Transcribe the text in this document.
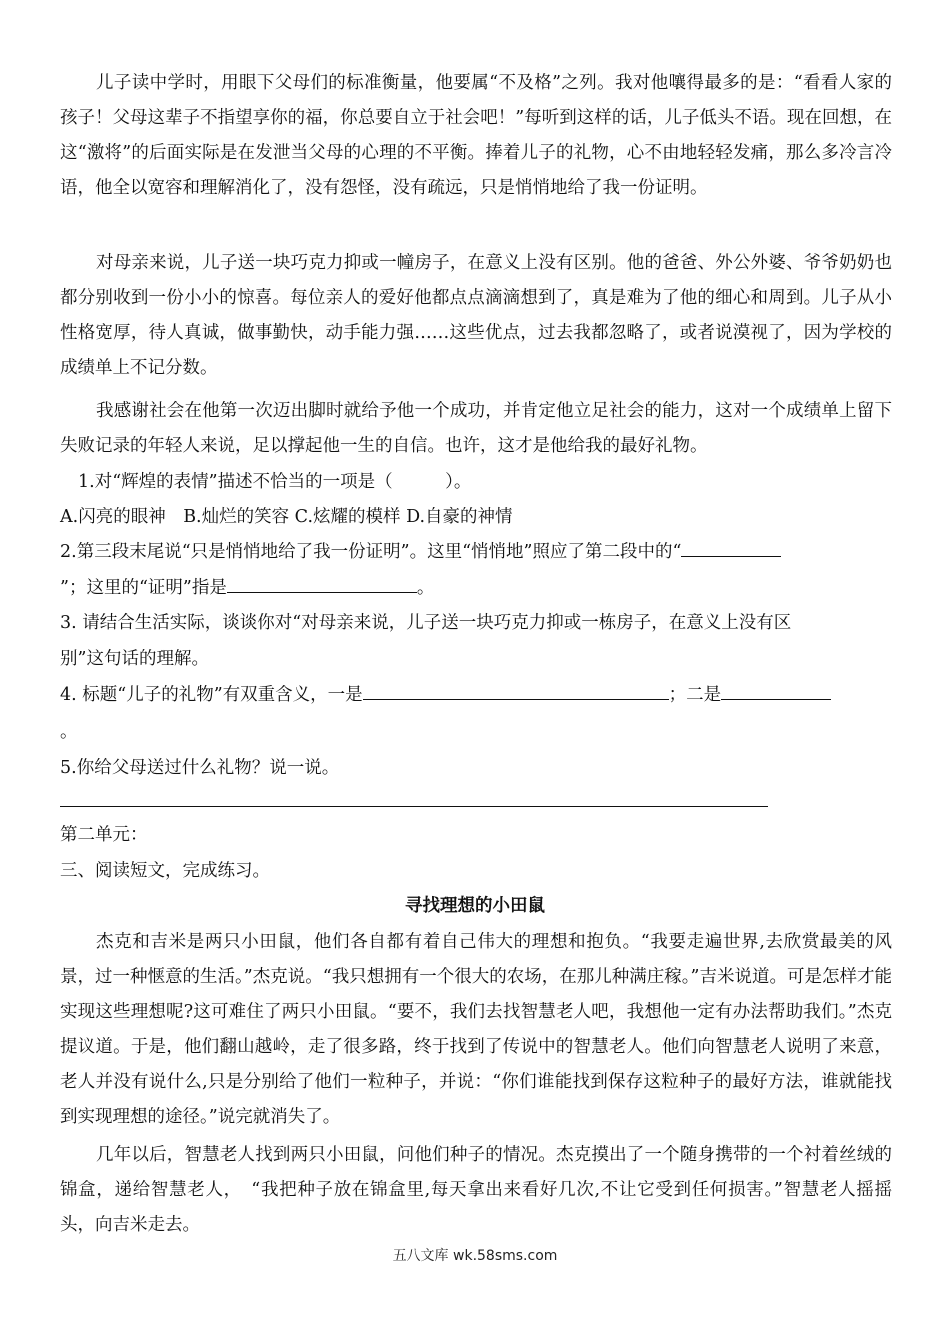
儿子读中学时，用眼下父母们的标准衡量，他要属“不及格”之列。我对他嚷得最多的是：“看看人家的孩子！父母这辈子不指望享你的福，你总要自立于社会吧！”每听到这样的话，儿子低头不语。现在回想，在这“激将”的后面实际是在发泄当父母的心理的不平衡。捧着儿子的礼物，心不由地轻轻发痛，那么多冷言冷语，他全以宽容和理解消化了，没有怨怪，没有疏远，只是悄悄地给了我一份证明。

对母亲来说，儿子送一块巧克力抑或一幢房子，在意义上没有区别。他的爸爸、外公外婆、爷爷奶奶也都分别收到一份小小的惊喜。每位亲人的爱好他都点点滴滴想到了，真是难为了他的细心和周到。儿子从小性格宽厚，待人真诚，做事勤快，动手能力强……这些优点，过去我都忽略了，或者说漠视了，因为学校的成绩单上不记分数。

我感谢社会在他第一次迈出脚时就给予他一个成功，并肯定他立足社会的能力，这对一个成绩单上留下失败记录的年轻人来说，足以撑起他一生的自信。也许，这才是他给我的最好礼物。

1.对“辉煌的表情”描述不恰当的一项是（　　　）。

A.闪亮的眼神　B.灿烂的笑容 C.炫耀的模样 D.自豪的神情

2.第三段末尾说“只是悄悄地给了我一份证明”。这里“悄悄地”照应了第二段中的“

”；这里的“证明”指是	。

3. 请结合生活实际，谈谈你对“对母亲来说，儿子送一块巧克力抑或一栋房子，在意义上没有区

别”这句话的理解。

4. 标题“儿子的礼物”有双重含义，一是	；二是

。

5.你给父母送过什么礼物？说一说。

第二单元：

三、阅读短文，完成练习。

寻找理想的小田鼠

杰克和吉米是两只小田鼠，他们各自都有着自己伟大的理想和抱负。“我要走遍世界,去欣赏最美的风景，过一种惬意的生活。”杰克说。“我只想拥有一个很大的农场，在那儿种满庄稼。”吉米说道。可是怎样才能实现这些理想呢?这可难住了两只小田鼠。“要不，我们去找智慧老人吧，我想他一定有办法帮助我们。”杰克提议道。于是，他们翻山越岭，走了很多路，终于找到了传说中的智慧老人。他们向智慧老人说明了来意，老人并没有说什么,只是分别给了他们一粒种子，并说：“你们谁能找到保存这粒种子的最好方法，谁就能找到实现理想的途径。”说完就消失了。

几年以后，智慧老人找到两只小田鼠，问他们种子的情况。杰克摸出了一个随身携带的一个衬着丝绒的锦盒，递给智慧老人，　“我把种子放在锦盒里,每天拿出来看好几次,不让它受到任何损害。”智慧老人摇摇头，向吉米走去。

五八文库 wk.58sms.com
